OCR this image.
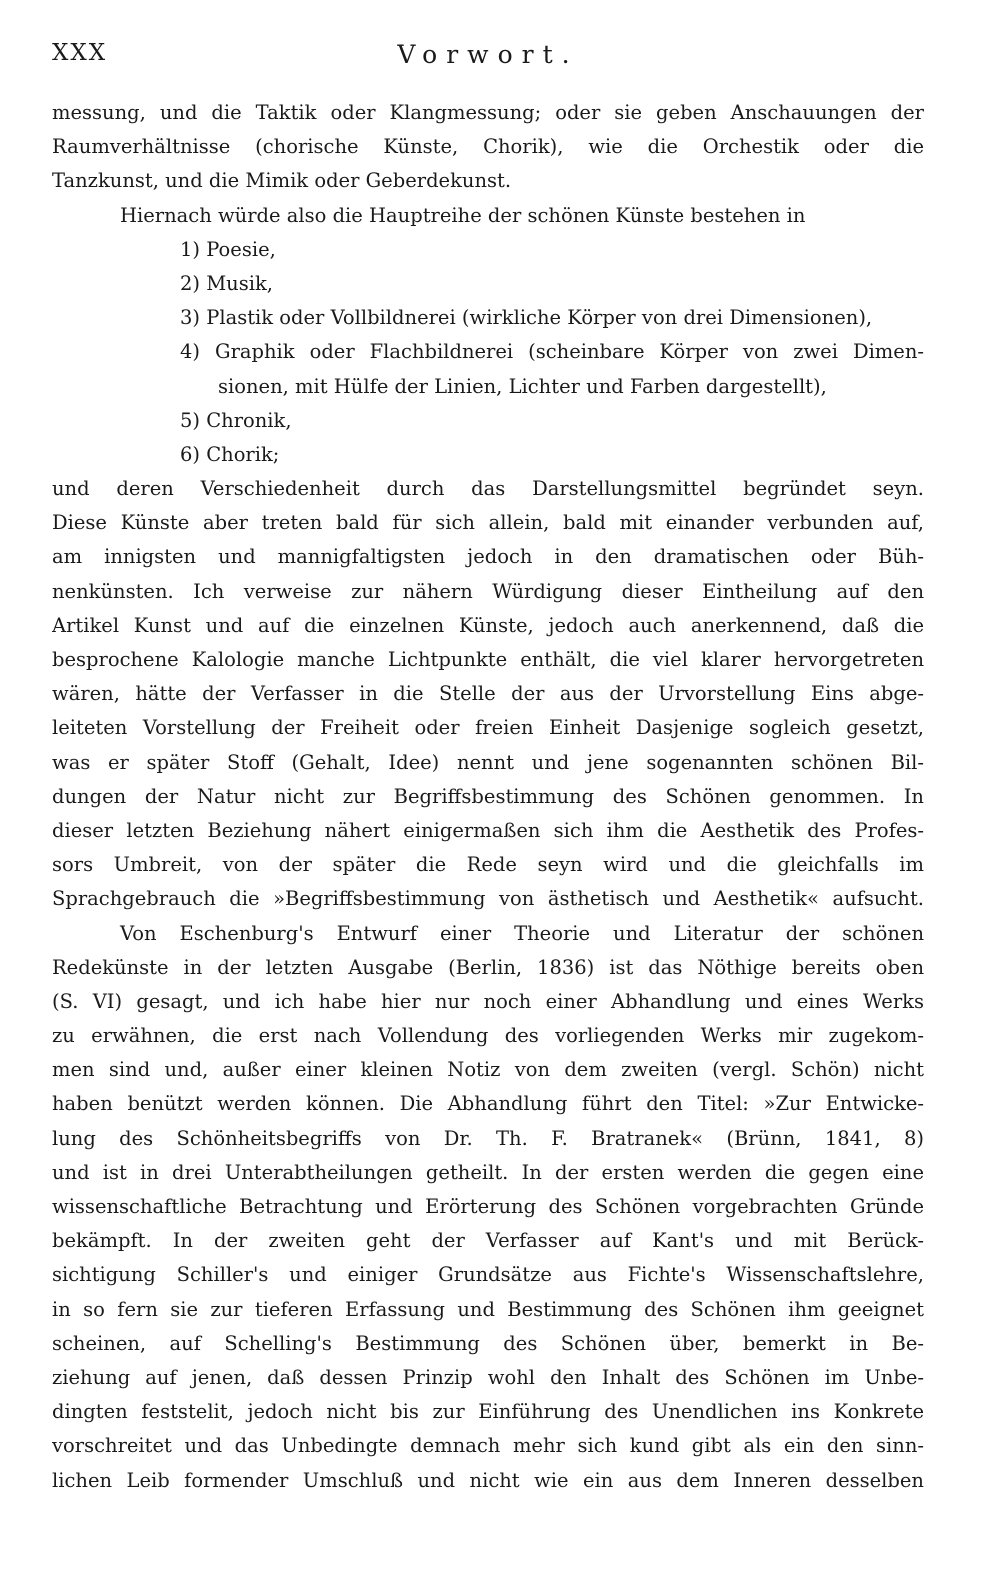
XXX	Vorwort.
messung, und die Taktik oder Klangmessung; oder sie geben Anschauungen der
Raumverhältnisse (chorische Künste, Chorik), wie die Orchestik oder die
Tanzkunst, und die Mimik oder Geberdekunst.
Hiernach würde also die Hauptreihe der schönen Künste bestehen in
1) Poesie,
2) Musik,
3) Plastik oder Vollbildnerei (wirkliche Körper von drei Dimensionen),
4) Graphik oder Flachbildnerei (scheinbare Körper von zwei Dimen-
sionen, mit Hülfe der Linien, Lichter und Farben dargestellt),
5) Chronik,
6) Chorik;
und deren Verschiedenheit durch das Darstellungsmittel begründet seyn.
Diese Künste aber treten bald für sich allein, bald mit einander verbunden auf,
am innigsten und mannigfaltigsten jedoch in den dramatischen oder Büh-
nenkünsten. Ich verweise zur nähern Würdigung dieser Eintheilung auf den
Artikel Kunst und auf die einzelnen Künste, jedoch auch anerkennend, daß die
besprochene Kalologie manche Lichtpunkte enthält, die viel klarer hervorgetreten
wären, hätte der Verfasser in die Stelle der aus der Urvorstellung Eins abge-
leiteten Vorstellung der Freiheit oder freien Einheit Dasjenige sogleich gesetzt,
was er später Stoff (Gehalt, Idee) nennt und jene sogenannten schönen Bil-
dungen der Natur nicht zur Begriffsbestimmung des Schönen genommen. In
dieser letzten Beziehung nähert einigermaßen sich ihm die Aesthetik des Profes-
sors Umbreit, von der später die Rede seyn wird und die gleichfalls im
Sprachgebrauch die »Begriffsbestimmung von ästhetisch und Aesthetik« aufsucht.
Von Eschenburg's Entwurf einer Theorie und Literatur der schönen
Redekünste in der letzten Ausgabe (Berlin, 1836) ist das Nöthige bereits oben
(S. VI) gesagt, und ich habe hier nur noch einer Abhandlung und eines Werks
zu erwähnen, die erst nach Vollendung des vorliegenden Werks mir zugekom-
men sind und, außer einer kleinen Notiz von dem zweiten (vergl. Schön) nicht
haben benützt werden können. Die Abhandlung führt den Titel: »Zur Entwicke-
lung des Schönheitsbegriffs von Dr. Th. F. Bratranek« (Brünn, 1841, 8)
und ist in drei Unterabtheilungen getheilt. In der ersten werden die gegen eine
wissenschaftliche Betrachtung und Erörterung des Schönen vorgebrachten Gründe
bekämpft. In der zweiten geht der Verfasser auf Kant's und mit Berück-
sichtigung Schiller's und einiger Grundsätze aus Fichte's Wissenschaftslehre,
in so fern sie zur tieferen Erfassung und Bestimmung des Schönen ihm geeignet
scheinen, auf Schelling's Bestimmung des Schönen über, bemerkt in Be-
ziehung auf jenen, daß dessen Prinzip wohl den Inhalt des Schönen im Unbe-
dingten feststelit, jedoch nicht bis zur Einführung des Unendlichen ins Konkrete
vorschreitet und das Unbedingte demnach mehr sich kund gibt als ein den sinn-
lichen Leib formender Umschluß und nicht wie ein aus dem Inneren desselben
